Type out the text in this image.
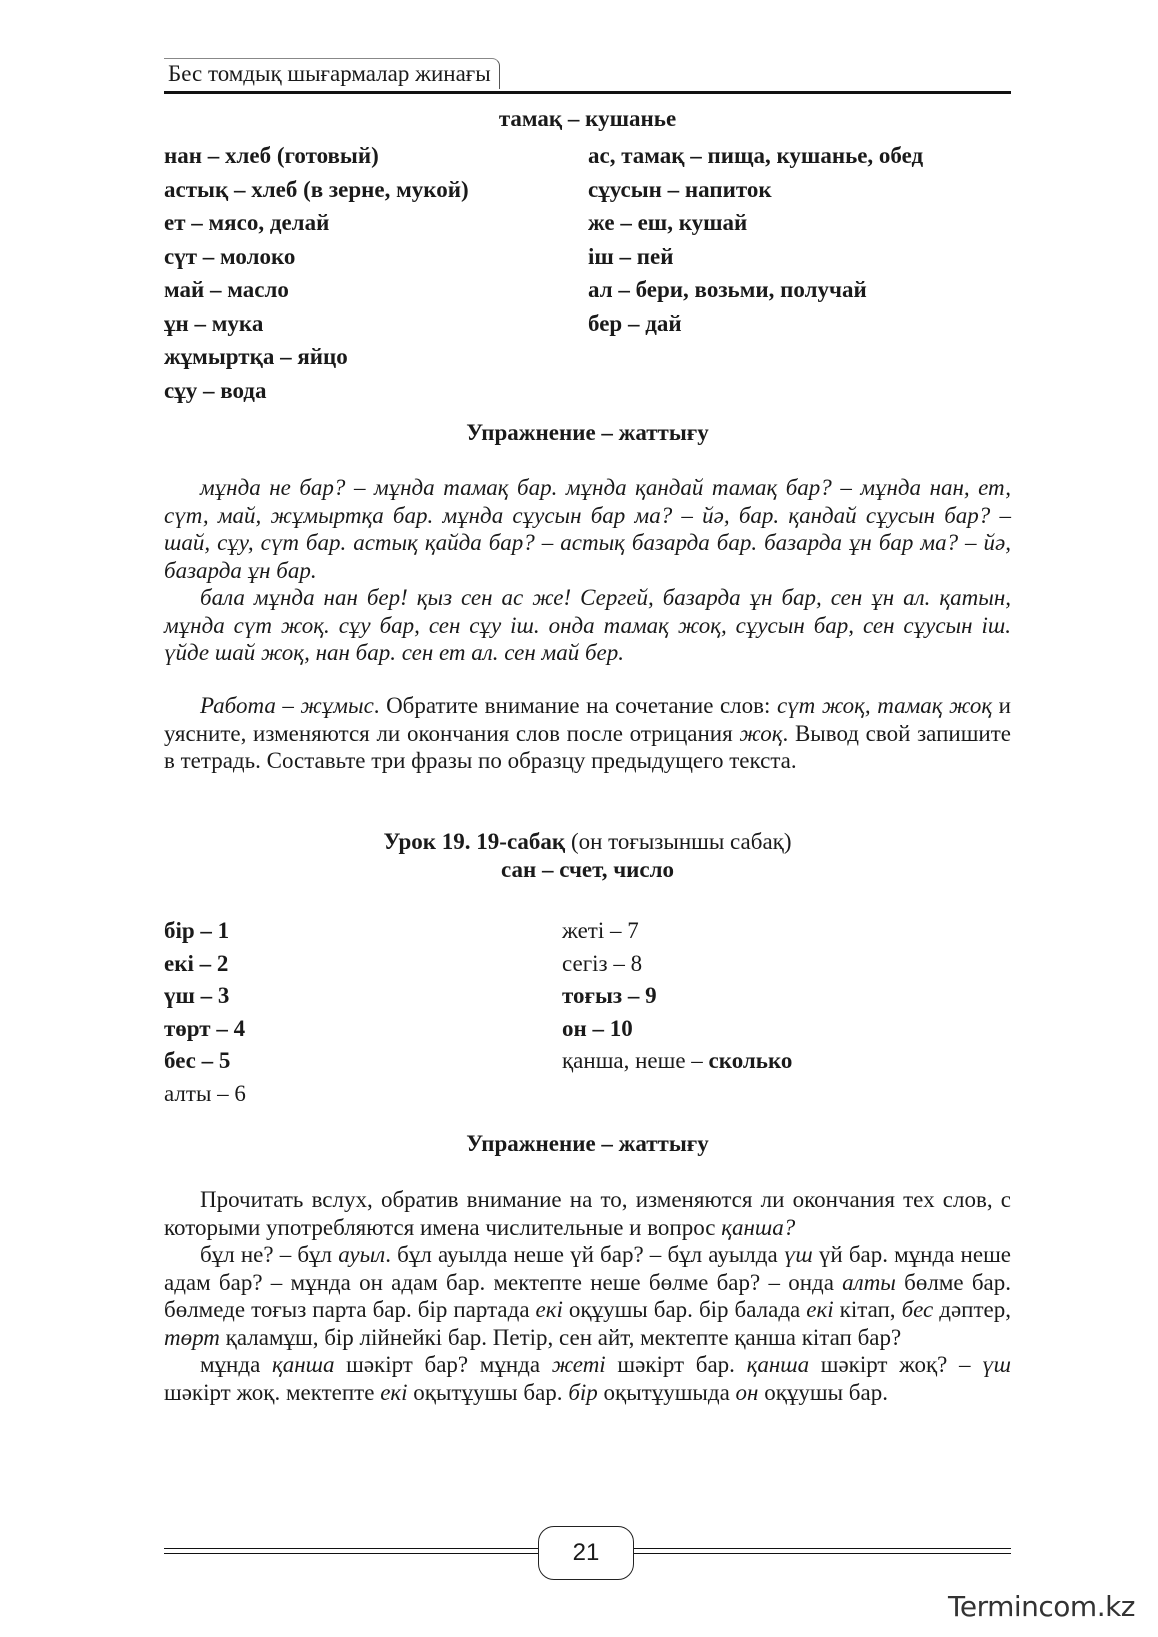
Бес томдық шығармалар жинағы
тамақ – кушанье
нан – хлеб (готовый)
астық – хлеб (в зерне, мукой)
ет – мясо, делай
сүт – молоко
май – масло
ұн – мука
жұмыртқа – яйцо
сұу – вода
ас, тамақ – пища, кушанье, обед
сұусын – напиток
же – еш, кушай
іш – пей
ал – бери, возьми, получай
бер – дай
Упражнение – жаттығу

мұнда не бар? – мұнда тамақ бар. мұнда қандай тамақ бар? – мұнда нан, ет, сүт, май, жұмыртқа бар. мұнда сұусын бар ма? – йә, бар. қандай сұусын бар? – шай, сұу, сүт бар. астық қайда бар? – астық базарда бар. базарда ұн бар ма? – йә, базарда ұн бар.

бала мұнда нан бер! қыз сен ас же! Сергей, базарда ұн бар, сен ұн ал. қатын, мұнда сүт жоқ. сұу бар, сен сұу іш. онда тамақ жоқ, сұусын бар, сен сұусын іш. үйде шай жоқ, нан бар. сен ет ал. сен май бер.

Работа – жұмыс. Обратите внимание на сочетание слов: сүт жоқ, тамақ жоқ и уясните, изменяются ли окончания слов после отрицания жоқ. Вывод свой запишите в тетрадь. Составьте три фразы по образцу предыдущего текста.

Урок 19. 19-сабақ (он тоғызыншы сабақ)
сан – счет, число
бір – 1
екі – 2
үш – 3
төрт – 4
бес – 5
алты – 6
жеті – 7
сегіз – 8
тоғыз – 9
он – 10
қанша, неше – сколько
Упражнение – жаттығу

Прочитать вслух, обратив внимание на то, изменяются ли окончания тех слов, с которыми употребляются имена числительные и вопрос қанша?

бұл не? – бұл ауыл. бұл ауылда неше үй бар? – бұл ауылда үш үй бар. мұнда неше адам бар? – мұнда он адам бар. мектепте неше бөлме бар? – онда алты бөлме бар. бөлмеде тоғыз парта бар. бір партада екі оқұушы бар. бір балада екі кітап, бес дәптер, төрт қаламұш, бір лійнейкі бар. Петір, сен айт, мектепте қанша кітап бар?

мұнда қанша шәкірт бар? мұнда жеті шәкірт бар. қанша шәкірт жоқ? – үш шәкірт жоқ. мектепте екі оқытұушы бар. бір оқытұушыда он оқұушы бар.

21
Termincom.kz
